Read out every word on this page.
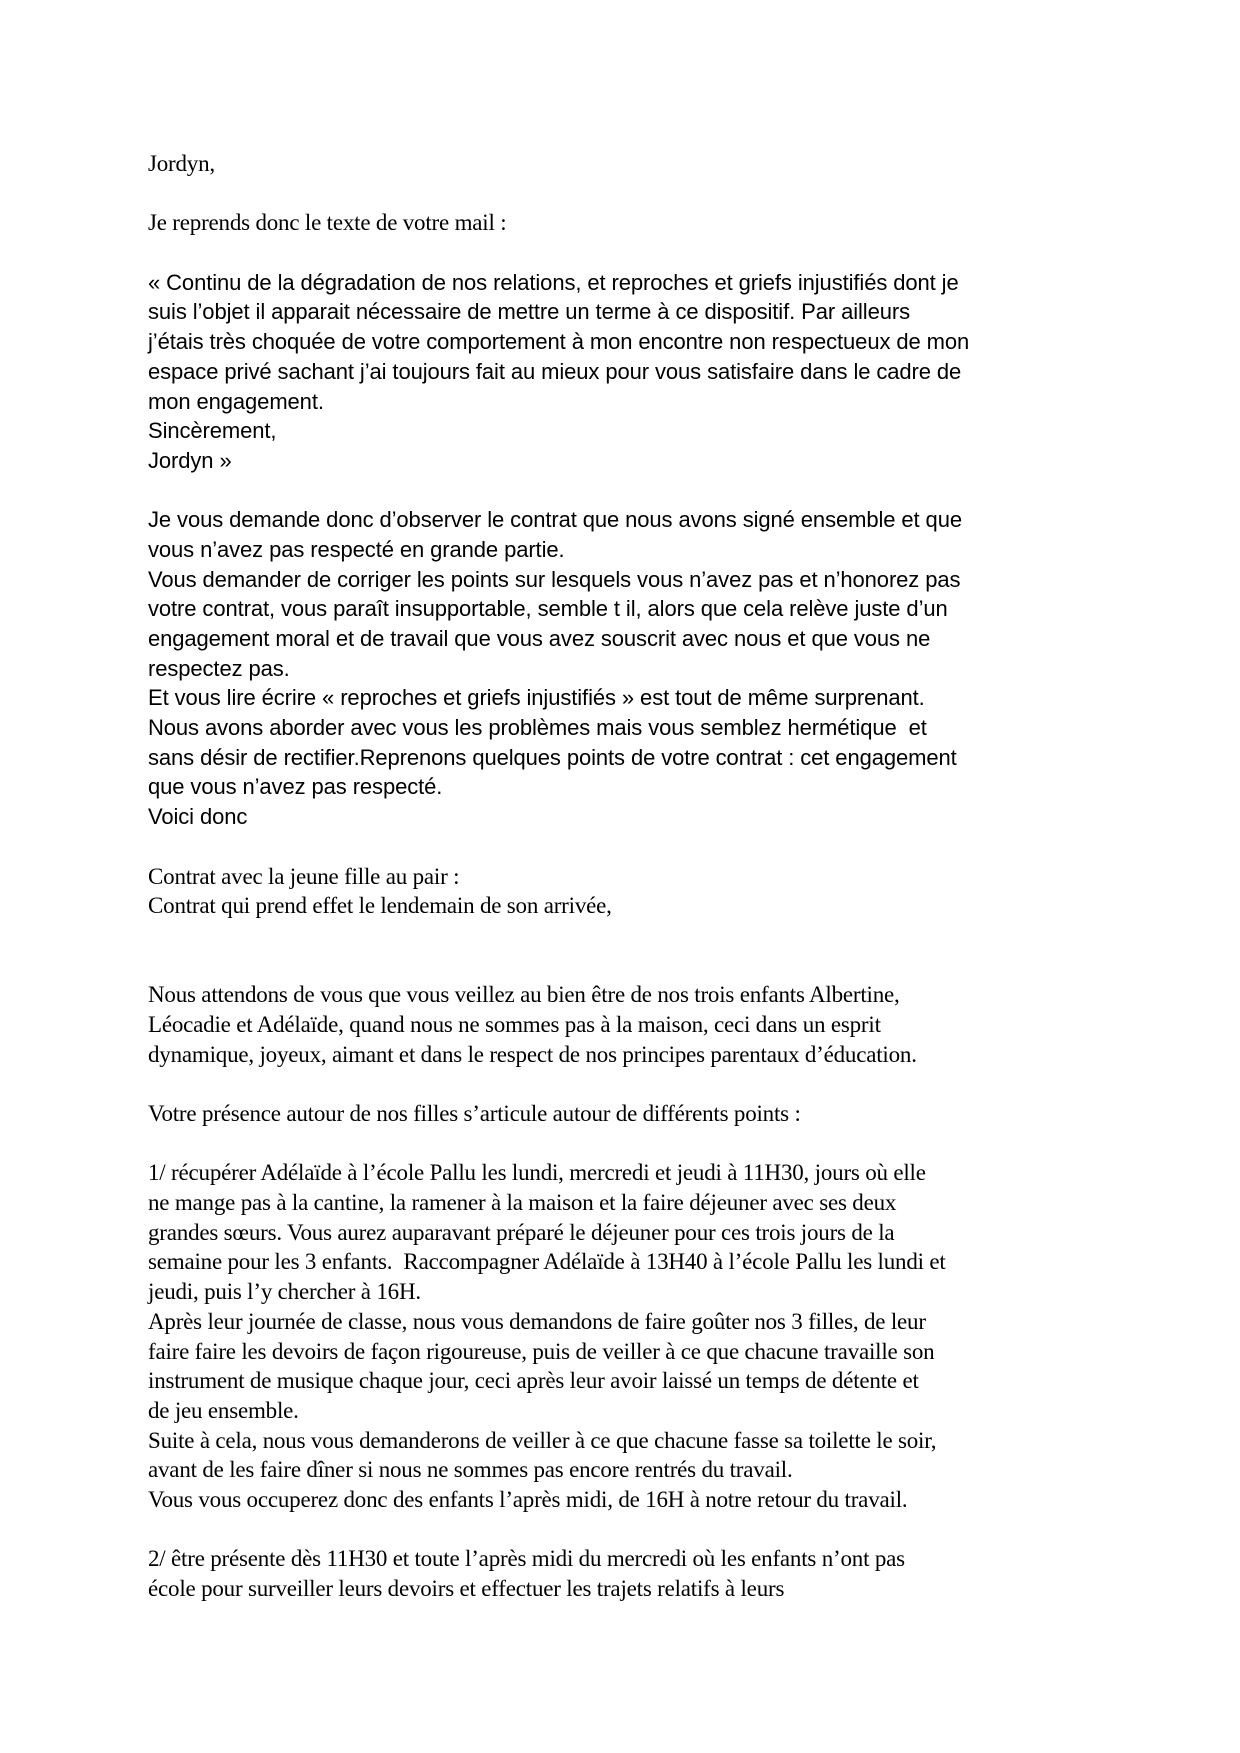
Jordyn,

Je reprends donc le texte de votre mail :

« Continu de la dégradation de nos relations, et reproches et griefs injustifiés dont je
suis l’objet il apparait nécessaire de mettre un terme à ce dispositif. Par ailleurs
j’étais très choquée de votre comportement à mon encontre non respectueux de mon
espace privé sachant j’ai toujours fait au mieux pour vous satisfaire dans le cadre de
mon engagement.
Sincèrement,
Jordyn »

Je vous demande donc d’observer le contrat que nous avons signé ensemble et que
vous n’avez pas respecté en grande partie.
Vous demander de corriger les points sur lesquels vous n’avez pas et n’honorez pas
votre contrat, vous paraît insupportable, semble t il, alors que cela relève juste d’un
engagement moral et de travail que vous avez souscrit avec nous et que vous ne
respectez pas.
Et vous lire écrire « reproches et griefs injustifiés » est tout de même surprenant.
Nous avons aborder avec vous les problèmes mais vous semblez hermétique  et
sans désir de rectifier.Reprenons quelques points de votre contrat : cet engagement
que vous n’avez pas respecté.
Voici donc

Contrat avec la jeune fille au pair :
Contrat qui prend effet le lendemain de son arrivée,

Nous attendons de vous que vous veillez au bien être de nos trois enfants Albertine,
Léocadie et Adélaïde, quand nous ne sommes pas à la maison, ceci dans un esprit
dynamique, joyeux, aimant et dans le respect de nos principes parentaux d’éducation.

Votre présence autour de nos filles s’articule autour de différents points :

1/ récupérer Adélaïde à l’école Pallu les lundi, mercredi et jeudi à 11H30, jours où elle
ne mange pas à la cantine, la ramener à la maison et la faire déjeuner avec ses deux
grandes sœurs. Vous aurez auparavant préparé le déjeuner pour ces trois jours de la
semaine pour les 3 enfants.  Raccompagner Adélaïde à 13H40 à l’école Pallu les lundi et
jeudi, puis l’y chercher à 16H.
Après leur journée de classe, nous vous demandons de faire goûter nos 3 filles, de leur
faire faire les devoirs de façon rigoureuse, puis de veiller à ce que chacune travaille son
instrument de musique chaque jour, ceci après leur avoir laissé un temps de détente et
de jeu ensemble.
Suite à cela, nous vous demanderons de veiller à ce que chacune fasse sa toilette le soir,
avant de les faire dîner si nous ne sommes pas encore rentrés du travail.
Vous vous occuperez donc des enfants l’après midi, de 16H à notre retour du travail.

2/ être présente dès 11H30 et toute l’après midi du mercredi où les enfants n’ont pas
école pour surveiller leurs devoirs et effectuer les trajets relatifs à leurs
